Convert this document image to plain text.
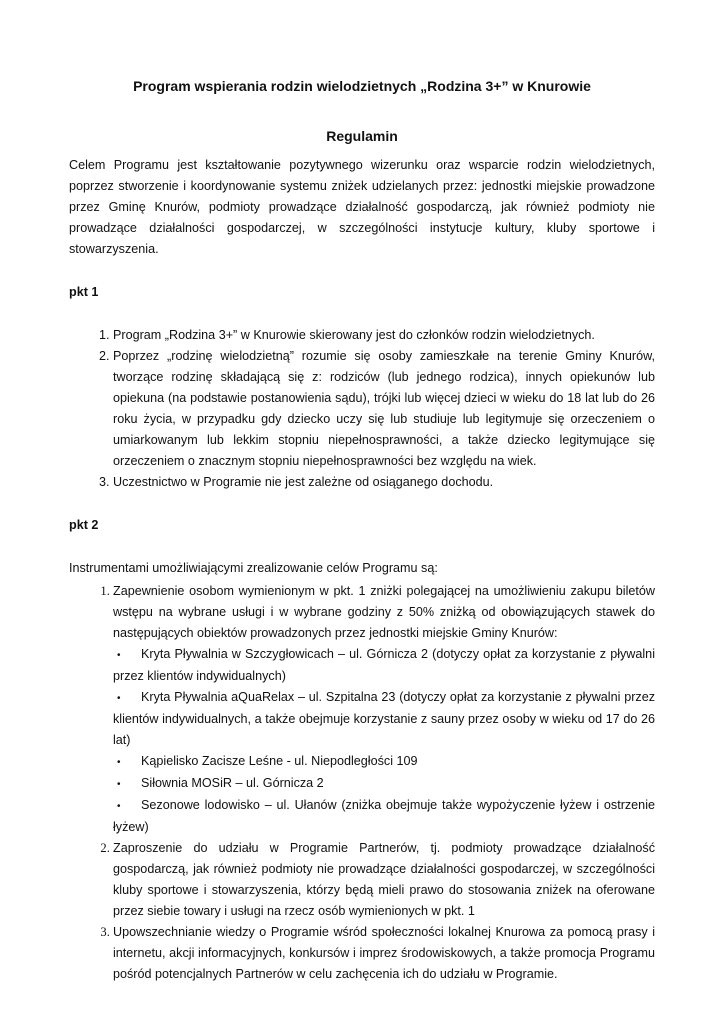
Program wspierania rodzin wielodzietnych „Rodzina 3+” w Knurowie
Regulamin

Celem Programu jest kształtowanie pozytywnego wizerunku oraz wsparcie rodzin wielodzietnych, poprzez stworzenie i koordynowanie systemu zniżek udzielanych przez: jednostki miejskie prowadzone przez Gminę Knurów, podmioty prowadzące działalność gospodarczą, jak również podmioty nie prowadzące działalności gospodarczej, w szczególności instytucje kultury, kluby sportowe i stowarzyszenia.

pkt 1

1. Program „Rodzina 3+” w Knurowie skierowany jest do członków rodzin wielodzietnych.
2. Poprzez „rodzinę wielodzietną” rozumie się osoby zamieszkałe na terenie Gminy Knurów, tworzące rodzinę składającą się z: rodziców (lub jednego rodzica), innych opiekunów lub opiekuna (na podstawie postanowienia sądu), trójki lub więcej dzieci w wieku do 18 lat lub do 26 roku życia, w przypadku gdy dziecko uczy się lub studiuje lub legitymuje się orzeczeniem o umiarkowanym lub lekkim stopniu niepełnosprawności, a także dziecko legitymujące się orzeczeniem o znacznym stopniu niepełnosprawności bez względu na wiek.
3. Uczestnictwo w Programie nie jest zależne od osiąganego dochodu.

pkt 2

Instrumentami umożliwiającymi zrealizowanie celów Programu są:

1. Zapewnienie osobom wymienionym w pkt. 1 zniżki polegającej na umożliwieniu zakupu biletów wstępu na wybrane usługi i w wybrane godziny z 50% zniżką od obowiązujących stawek do następujących obiektów prowadzonych przez jednostki miejskie Gminy Knurów:
• Kryta Pływalnia w Szczygłowicach – ul. Górnicza 2 (dotyczy opłat za korzystanie z pływalni przez klientów indywidualnych)
• Kryta Pływalnia aQuaRelax – ul. Szpitalna 23 (dotyczy opłat za korzystanie z pływalni przez klientów indywidualnych, a także obejmuje korzystanie z sauny przez osoby w wieku od 17 do 26 lat)
• Kąpielisko Zacisze Leśne - ul. Niepodległości 109
• Siłownia MOSiR – ul. Górnicza 2
• Sezonowe lodowisko – ul. Ułanów (zniżka obejmuje także wypożyczenie łyżew i ostrzenie łyżew)
2. Zaproszenie do udziału w Programie Partnerów, tj. podmioty prowadzące działalność gospodarczą, jak również podmioty nie prowadzące działalności gospodarczej, w szczególności kluby sportowe i stowarzyszenia, którzy będą mieli prawo do stosowania zniżek na oferowane przez siebie towary i usługi na rzecz osób wymienionych w pkt. 1
3. Upowszechnianie wiedzy o Programie wśród społeczności lokalnej Knurowa za pomocą prasy i internetu, akcji informacyjnych, konkursów i imprez środowiskowych, a także promocja Programu pośród potencjalnych Partnerów w celu zachęcenia ich do udziału w Programie.
